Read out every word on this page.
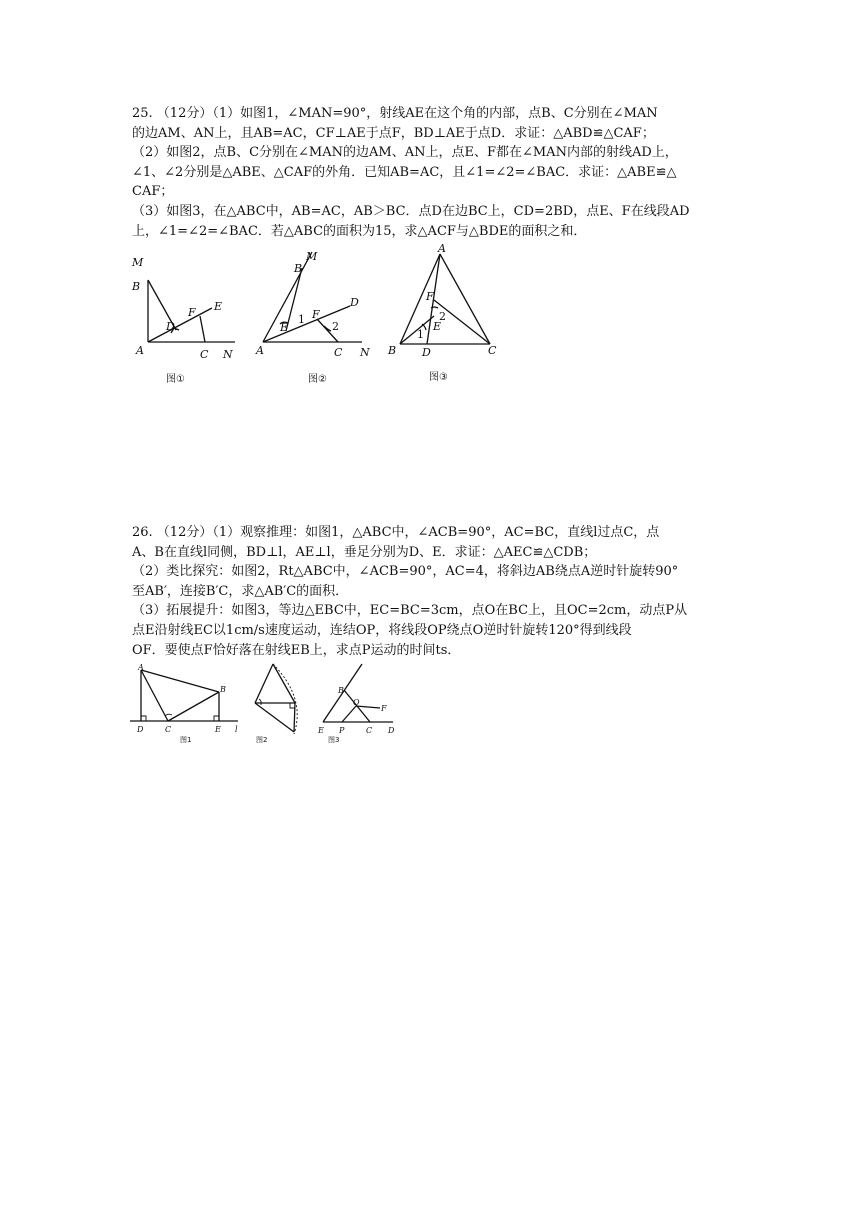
25. （12分）（1）如图1，∠MAN=90°，射线AE在这个角的内部，点B、C分别在∠MAN
的边AM、AN上，且AB=AC，CF⊥AE于点F，BD⊥AE于点D．求证：△ABD≌△CAF；
（2）如图2，点B、C分别在∠MAN的边AM、AN上，点E、F都在∠MAN内部的射线AD上，
∠1、∠2分别是△ABE、△CAF的外角．已知AB=AC，且∠1=∠2=∠BAC．求证：△ABE≌△
CAF；
（3）如图3，在△ABC中，AB=AC，AB＞BC．点D在边BC上，CD=2BD，点E、F在线段AD
上，∠1=∠2=∠BAC．若△ABC的面积为15，求△ACF与△BDE的面积之和．
M
B
F E
D
A	C N
图①
M
B
D
E
1 F
2
A	C N
图②
A
F
2
E
1
B D	C
图③
26. （12分）（1）观察推理：如图1，△ABC中，∠ACB=90°，AC=BC，直线l过点C，点
A、B在直线l同侧，BD⊥l，AE⊥l，垂足分别为D、E．求证：△AEC≌△CDB；
（2）类比探究：如图2，Rt△ABC中，∠ACB=90°，AC=4，将斜边AB绕点A逆时针旋转90°
至AB′，连接B′C，求△AB′C的面积．
（3）拓展提升：如图3，等边△EBC中，EC=BC=3cm，点O在BC上，且OC=2cm，动点P从
点E沿射线EC以1cm/s速度运动，连结OP，将线段OP绕点O逆时针旋转120°得到线段
OF．要使点F恰好落在射线EB上，求点P运动的时间ts．
A
B
D	C	E l
图1	图2
B
O
F
E P	C D
图3
